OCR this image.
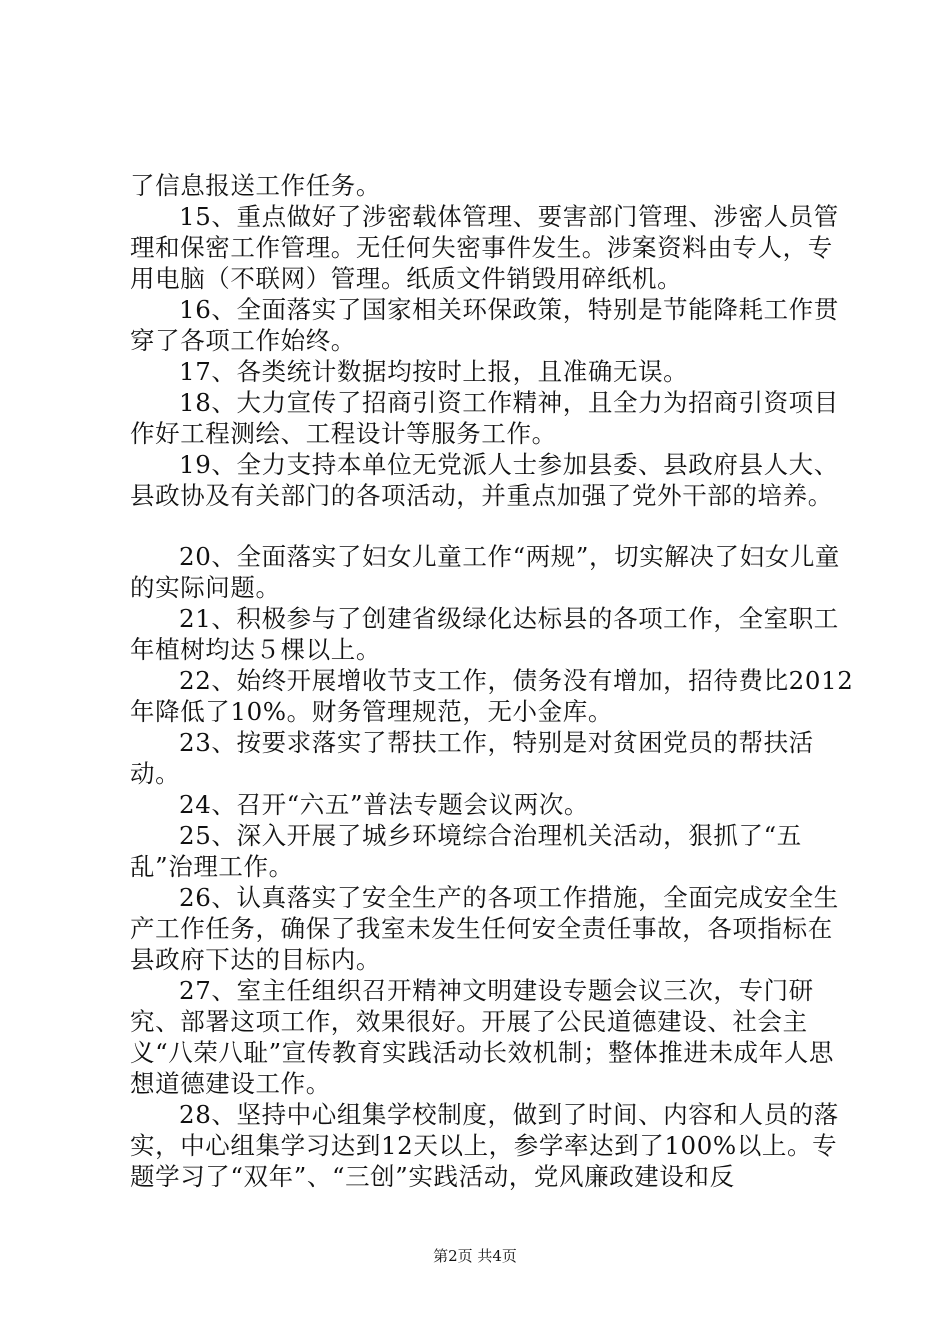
了信息报送工作任务。

15、重点做好了涉密载体管理、要害部门管理、涉密人员管理和保密工作管理。无任何失密事件发生。涉案资料由专人，专用电脑（不联网）管理。纸质文件销毁用碎纸机。

16、全面落实了国家相关环保政策，特别是节能降耗工作贯穿了各项工作始终。

17、各类统计数据均按时上报，且准确无误。

18、大力宣传了招商引资工作精神，且全力为招商引资项目作好工程测绘、工程设计等服务工作。

19、全力支持本单位无党派人士参加县委、县政府县人大、县政协及有关部门的各项活动，并重点加强了党外干部的培养。

20、全面落实了妇女儿童工作“两规”，切实解决了妇女儿童的实际问题。

21、积极参与了创建省级绿化达标县的各项工作，全室职工年植树均达５棵以上。

22、始终开展增收节支工作，债务没有增加，招待费比2012年降低了10%。财务管理规范，无小金库。

23、按要求落实了帮扶工作，特别是对贫困党员的帮扶活动。

24、召开“六五”普法专题会议两次。

25、深入开展了城乡环境综合治理机关活动，狠抓了“五乱”治理工作。

26、认真落实了安全生产的各项工作措施，全面完成安全生产工作任务，确保了我室未发生任何安全责任事故，各项指标在县政府下达的目标内。

27、室主任组织召开精神文明建设专题会议三次，专门研究、部署这项工作，效果很好。开展了公民道德建设、社会主义“八荣八耻”宣传教育实践活动长效机制；整体推进未成年人思想道德建设工作。

28、坚持中心组集学校制度，做到了时间、内容和人员的落实，中心组集学习达到12天以上，参学率达到了100%以上。专题学习了“双年”、“三创”实践活动，党风廉政建设和反

第2页 共4页
